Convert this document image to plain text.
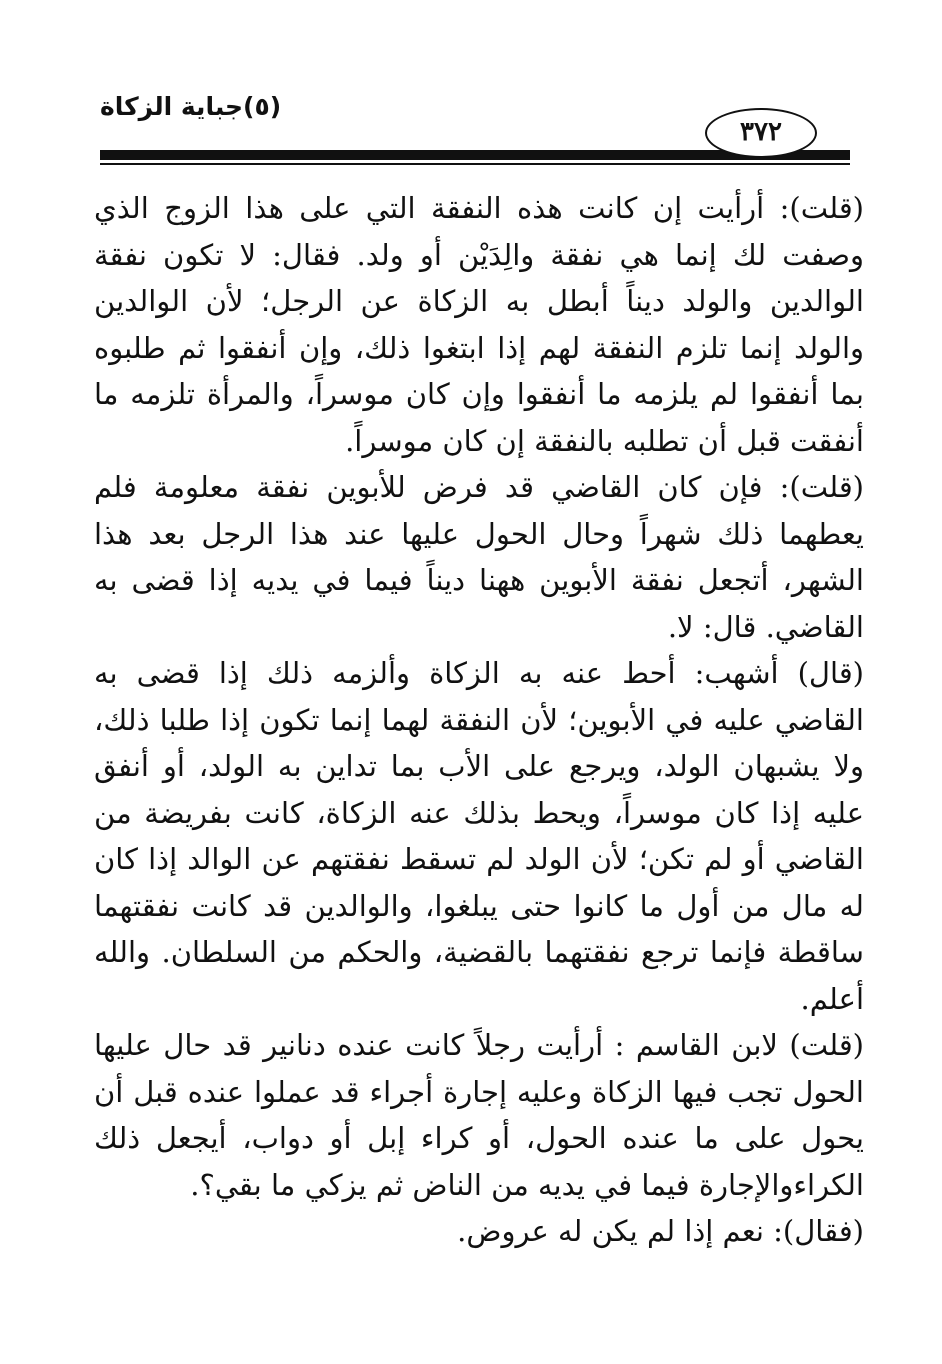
(٥)جباية الزكاة
٣٧٢

(قلت): أرأيت إن كانت هذه النفقة التي على هذا الزوج الذي وصفت لك إنما هي نفقة والِدَيْن أو ولد. فقال: لا تكون نفقة الوالدين والولد ديناً أبطل به الزكاة عن الرجل؛ لأن الوالدين والولد إنما تلزم النفقة لهم إذا ابتغوا ذلك، وإن أنفقوا ثم طلبوه بما أنفقوا لم يلزمه ما أنفقوا وإن كان موسراً، والمرأة تلزمه ما أنفقت قبل أن تطلبه بالنفقة إن كان موسراً.

(قلت): فإن كان القاضي قد فرض للأبوين نفقة معلومة فلم يعطهما ذلك شهراً وحال الحول عليها عند هذا الرجل بعد هذا الشهر، أتجعل نفقة الأبوين ههنا ديناً فيما في يديه إذا قضى به القاضي. قال: لا.

(قال) أشهب: أحط عنه به الزكاة وألزمه ذلك إذا قضى به القاضي عليه في الأبوين؛ لأن النفقة لهما إنما تكون إذا طلبا ذلك، ولا يشبهان الولد، ويرجع على الأب بما تداين به الولد، أو أنفق عليه إذا كان موسراً، ويحط بذلك عنه الزكاة، كانت بفريضة من القاضي أو لم تكن؛ لأن الولد لم تسقط نفقتهم عن الوالد إذا كان له مال من أول ما كانوا حتى يبلغوا، والوالدين قد كانت نفقتهما ساقطة فإنما ترجع نفقتهما بالقضية، والحكم من السلطان. والله أعلم.

(قلت) لابن القاسم : أرأيت رجلاً كانت عنده دنانير قد حال عليها الحول تجب فيها الزكاة وعليه إجارة أجراء قد عملوا عنده قبل أن يحول على ما عنده الحول، أو كراء إبل أو دواب، أيجعل ذلك الكراءوالإجارة فيما في يديه من الناض ثم يزكي ما بقي؟.

(فقال): نعم إذا لم يكن له عروض.
